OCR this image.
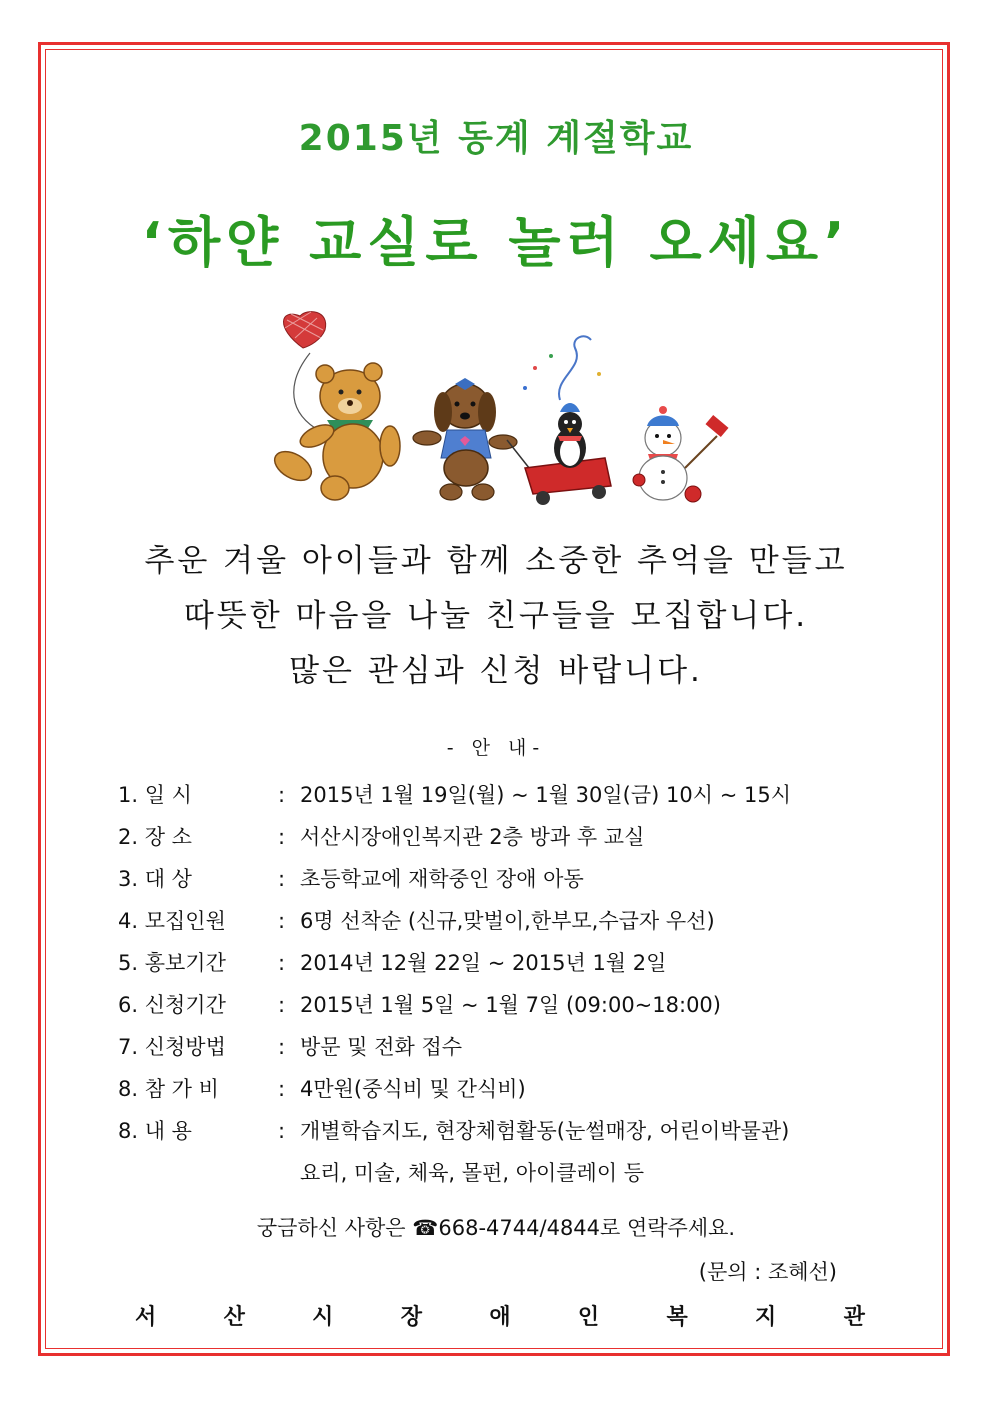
2015년 동계 계절학교
‘하얀 교실로 놀러 오세요’
추운 겨울 아이들과 함께 소중한 추억을 만들고
따뜻한 마음을 나눌 친구들을 모집합니다.
많은 관심과 신청 바랍니다.
- 안 내-
1. 일 시	: 2015년 1월 19일(월) ~ 1월 30일(금) 10시 ~ 15시
2. 장 소	: 서산시장애인복지관 2층 방과 후 교실
3. 대 상	: 초등학교에 재학중인 장애 아동
4. 모집인원 : 6명 선착순 (신규,맞벌이,한부모,수급자 우선)
5. 홍보기간 : 2014년 12월 22일 ~ 2015년 1월 2일
6. 신청기간 : 2015년 1월 5일 ~ 1월 7일 (09:00~18:00)
7. 신청방법 : 방문 및 전화 접수
8. 참 가 비	: 4만원(중식비 및 간식비)
8. 내 용	: 개별학습지도, 현장체험활동(눈썰매장, 어린이박물관)
요리, 미술, 체육, 몰펀, 아이클레이 등
궁금하신 사항은 ☎668-4744/4844로 연락주세요.
(문의 : 조혜선)
서	산	시	장	애	인	복	지	관
